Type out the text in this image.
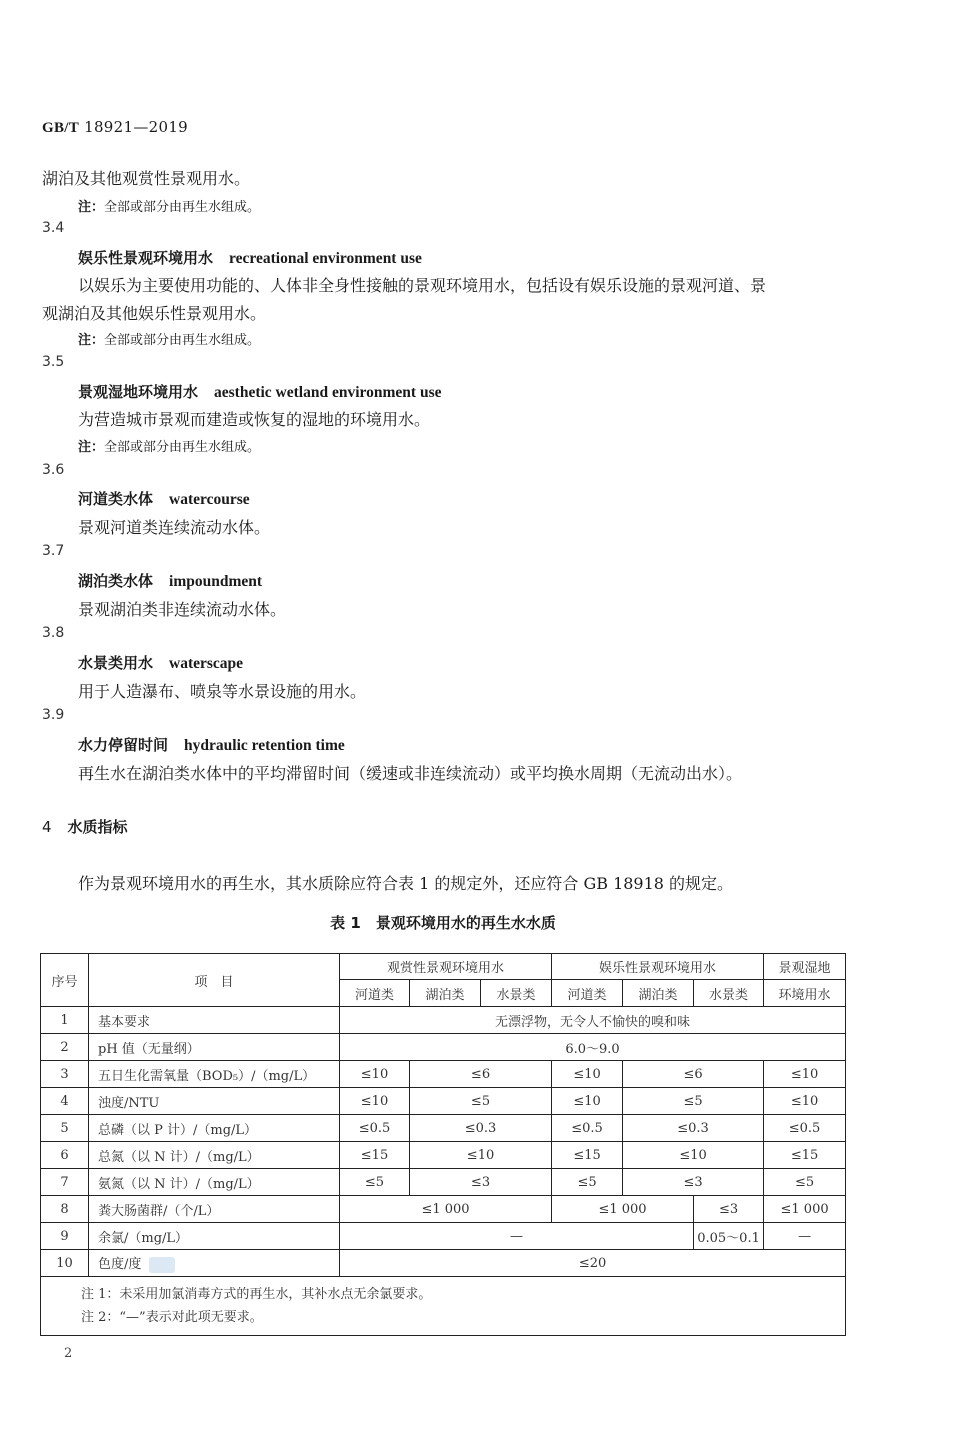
GB/T 18921—2019
湖泊及其他观赏性景观用水。
注：全部或部分由再生水组成。
3.4
娱乐性景观环境用水 recreational environment use
以娱乐为主要使用功能的、人体非全身性接触的景观环境用水，包括设有娱乐设施的景观河道、景
观湖泊及其他娱乐性景观用水。
注：全部或部分由再生水组成。
3.5
景观湿地环境用水 aesthetic wetland environment use
为营造城市景观而建造或恢复的湿地的环境用水。
注：全部或部分由再生水组成。
3.6
河道类水体 watercourse
景观河道类连续流动水体。
3.7
湖泊类水体 impoundment
景观湖泊类非连续流动水体。
3.8
水景类用水 waterscape
用于人造瀑布、喷泉等水景设施的用水。
3.9
水力停留时间 hydraulic retention time
再生水在湖泊类水体中的平均滞留时间（缓速或非连续流动）或平均换水周期（无流动出水）。
4 水质指标
作为景观环境用水的再生水，其水质除应符合表 1 的规定外，还应符合 GB 18918 的规定。
表 1　景观环境用水的再生水水质
序号	项　目	观赏性景观环境用水			娱乐性景观环境用水			景观湿地
		河道类	湖泊类	水景类	河道类	湖泊类	水景类	环境用水
1	基本要求	无漂浮物，无令人不愉快的嗅和味						
2	pH 值（无量纲）	6.0～9.0						
3	五日生化需氧量（BOD₅）/（mg/L）	≤10	≤6		≤10	≤6		≤10
4	浊度/NTU	≤10	≤5		≤10	≤5		≤10
5	总磷（以 P 计）/（mg/L）	≤0.5	≤0.3		≤0.5	≤0.3		≤0.5
6	总氮（以 N 计）/（mg/L）	≤15	≤10		≤15	≤10		≤15
7	氨氮（以 N 计）/（mg/L）	≤5	≤3		≤5	≤3		≤5
8	粪大肠菌群/（个/L）	≤1 000			≤1 000		≤3	≤1 000
9	余氯/（mg/L）	—					0.05～0.1	—
10	色度/度	≤20						

注 1：未采用加氯消毒方式的再生水，其补水点无余氯要求。
注 2：“—”表示对此项无要求。								
2
